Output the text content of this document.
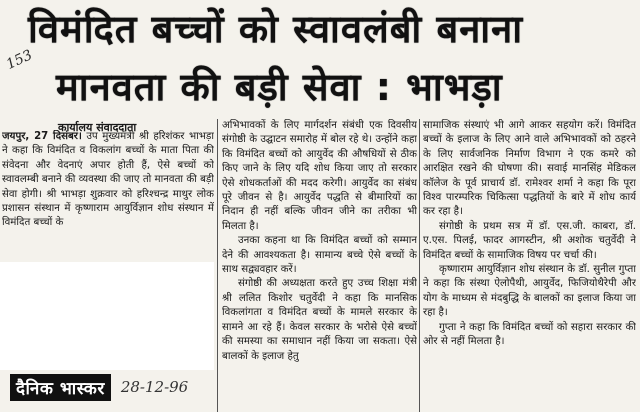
153
विमंदित बच्चों को स्वावलंबी बनाना
मानवता की बड़ी सेवा : भाभड़ा
कार्यालय संवाददाता

जयपुर, 27 दिसंबर। उप मुख्यमंत्री श्री हरिशंकर भाभड़ा ने कहा कि विमंदित व विकलांग बच्चों के माता पिता की संवेदना और वेदनाएं अपार होती हैं, ऐसे बच्चों को स्वावलम्बी बनाने की व्यवस्था की जाए तो मानवता की बड़ी सेवा होगी। श्री भाभड़ा शुक्रवार को हरिश्चन्द्र माथुर लोक प्रशासन संस्थान में कृष्णाराम आयुर्विज्ञान शोध संस्थान में विमंदित बच्चों के

अभिभावकों के लिए मार्गदर्शन संबंधी एक दिवसीय संगोष्ठी के उद्घाटन समारोह में बोल रहे थे। उन्होंने कहा कि विमंदित बच्चों को आयुर्वेद की औषधियों से ठीक किए जाने के लिए यदि शोध किया जाए तो सरकार ऐसे शोधकर्ताओं की मदद करेगी। आयुर्वेद का संबंध पूरे जीवन से है। आयुर्वेद पद्धति से बीमारियों का निदान ही नहीं बल्कि जीवन जीने का तरीका भी मिलता है।

उनका कहना था कि विमंदित बच्चों को सम्मान देने की आवश्यकता है। सामान्य बच्चे ऐसे बच्चों के साथ सद्व्यवहार करें।

संगोष्ठी की अध्यक्षता करते हुए उच्च शिक्षा मंत्री श्री ललित किशोर चतुर्वेदी ने कहा कि मानसिक विकलांगता व विमंदित बच्चों के मामले सरकार के सामने आ रहे हैं। केवल सरकार के भरोसे ऐसे बच्चों की समस्या का समाधान नहीं किया जा सकता। ऐसे बालकों के इलाज हेतु

सामाजिक संस्थाएं भी आगे आकर सहयोग करें। विमंदित बच्चों के इलाज के लिए आने वाले अभिभावकों को ठहरने के लिए सार्वजनिक निर्माण विभाग ने एक कमरे को आरक्षित रखने की घोषणा की। सवाई मानसिंह मेडिकल कॉलेज के पूर्व प्राचार्य डॉ. रामेश्वर शर्मा ने कहा कि पूरा विश्व पारम्परिक चिकित्सा पद्धतियों के बारे में शोध कार्य कर रहा है।

संगोष्ठी के प्रथम सत्र में डॉ. एस.जी. काबरा, डॉ. ए.एस. पिलई, फादर आगस्टीन, श्री अशोक चतुर्वेदी ने विमंदित बच्चों के सामाजिक विषय पर चर्चा की।

कृष्णाराम आयुर्विज्ञान शोध संस्थान के डॉ. सुनील गुप्ता ने कहा कि संस्था ऐलोपैथी, आयुर्वेद, फिजियोथैरेपी और योग के माध्यम से मंदबुद्धि के बालकों का इलाज किया जा रहा है।

गुप्ता ने कहा कि विमंदित बच्चों को सहारा सरकार की ओर से नहीं मिलता है।

दैनिक भास्कर	28-12-96
